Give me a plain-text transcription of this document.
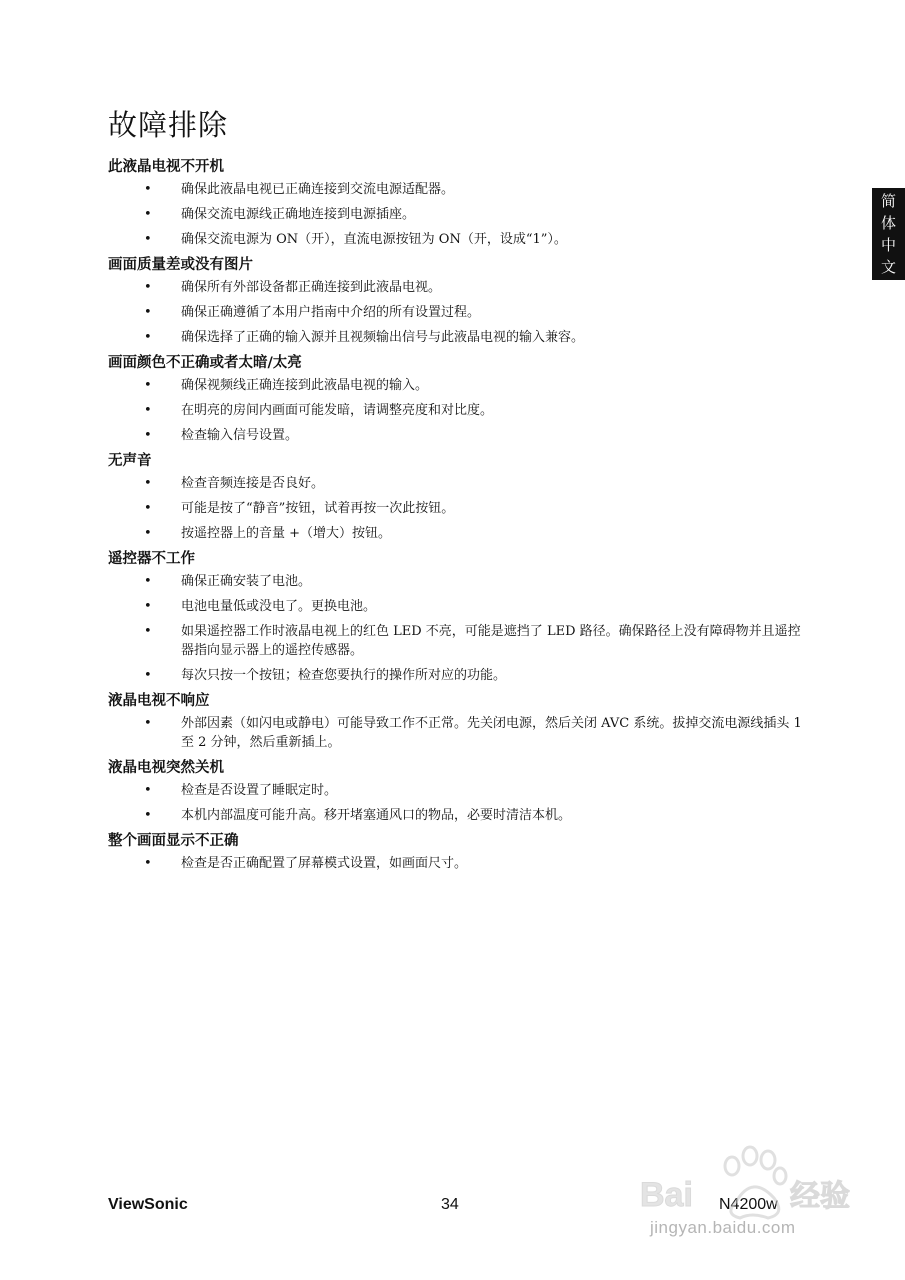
故障排除
简
体
中
文
此液晶电视不开机
• 确保此液晶电视已正确连接到交流电源适配器。
• 确保交流电源线正确地连接到电源插座。
• 确保交流电源为 ON（开），直流电源按钮为 ON（开，设成“1”）。
画面质量差或没有图片
• 确保所有外部设备都正确连接到此液晶电视。
• 确保正确遵循了本用户指南中介绍的所有设置过程。
• 确保选择了正确的输入源并且视频输出信号与此液晶电视的输入兼容。
画面颜色不正确或者太暗/太亮
• 确保视频线正确连接到此液晶电视的输入。
• 在明亮的房间内画面可能发暗，请调整亮度和对比度。
• 检查输入信号设置。
无声音
• 检查音频连接是否良好。
• 可能是按了“静音”按钮，试着再按一次此按钮。
• 按遥控器上的音量 +（增大）按钮。
遥控器不工作
• 确保正确安装了电池。
• 电池电量低或没电了。更换电池。
• 如果遥控器工作时液晶电视上的红色 LED 不亮，可能是遮挡了 LED 路径。确保路径上没有障碍物并且遥控器指向显示器上的遥控传感器。
• 每次只按一个按钮；检查您要执行的操作所对应的功能。
液晶电视不响应
• 外部因素（如闪电或静电）可能导致工作不正常。先关闭电源，然后关闭 AVC 系统。拔掉交流电源线插头 1 至 2 分钟，然后重新插上。
液晶电视突然关机
• 检查是否设置了睡眠定时。
• 本机内部温度可能升高。移开堵塞通风口的物品，必要时清洁本机。
整个画面显示不正确
• 检查是否正确配置了屏幕模式设置，如画面尺寸。
ViewSonic	34	N4200w
Bai	经验
jingyan.baidu.com
